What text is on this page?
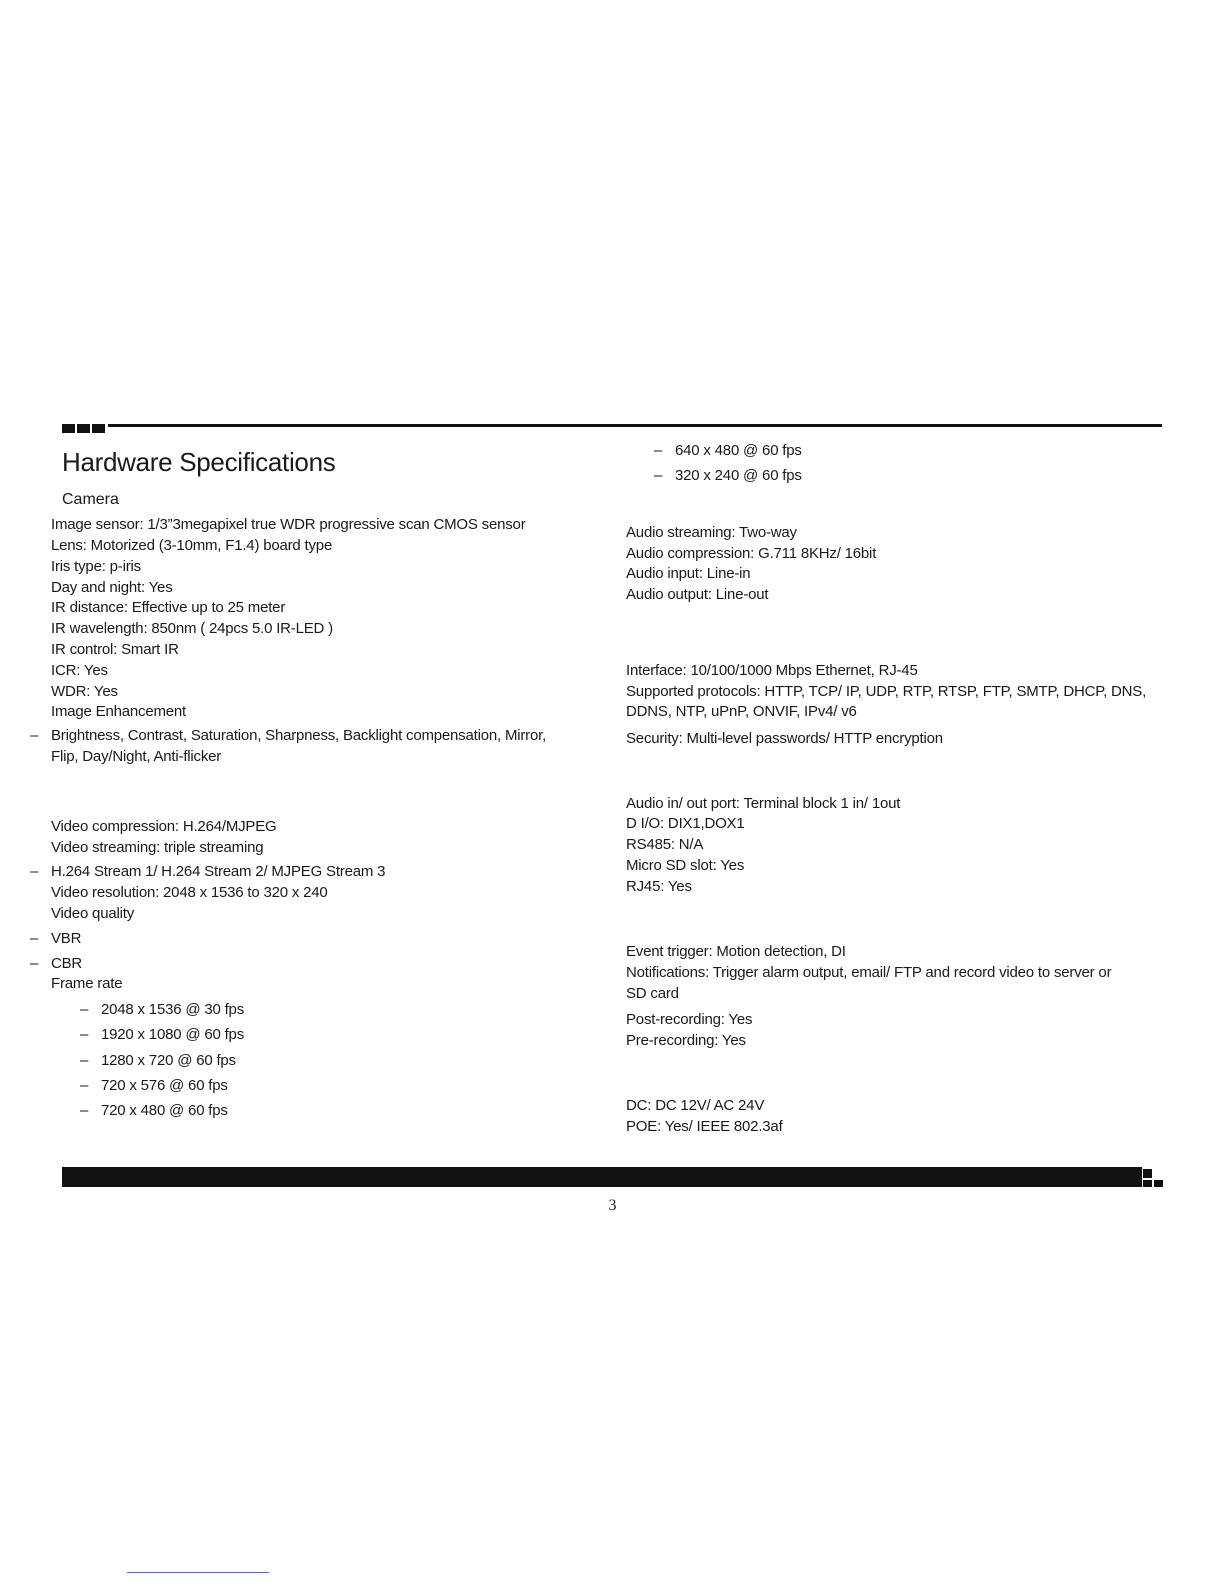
Hardware Specifications
Camera
Image sensor: 1/3”3megapixel true WDR progressive scan CMOS sensor
Lens: Motorized (3-10mm, F1.4) board type
Iris type: p-iris
Day and night: Yes
IR distance: Effective up to 25 meter
IR wavelength: 850nm ( 24pcs 5.0 IR-LED )
IR control: Smart IR
ICR: Yes
WDR: Yes
Image Enhancement
– Brightness, Contrast, Saturation, Sharpness, Backlight compensation, Mirror,
Flip, Day/Night, Anti-flicker
Video compression: H.264/MJPEG
Video streaming: triple streaming
– H.264 Stream 1/ H.264 Stream 2/ MJPEG Stream 3
Video resolution: 2048 x 1536 to 320 x 240
Video quality
– VBR
– CBR
Frame rate
– 2048 x 1536 @ 30 fps
– 1920 x 1080 @ 60 fps
– 1280 x 720 @ 60 fps
– 720 x 576 @ 60 fps
– 720 x 480 @ 60 fps
– 640 x 480 @ 60 fps
– 320 x 240 @ 60 fps
Audio streaming: Two-way
Audio compression: G.711 8KHz/ 16bit
Audio input: Line-in
Audio output: Line-out
Interface: 10/100/1000 Mbps Ethernet, RJ-45
Supported protocols: HTTP, TCP/ IP, UDP, RTP, RTSP, FTP, SMTP, DHCP, DNS,
DDNS, NTP, uPnP, ONVIF, IPv4/ v6
Security: Multi-level passwords/ HTTP encryption
Audio in/ out port: Terminal block 1 in/ 1out
D I/O: DIX1,DOX1
RS485: N/A
Micro SD slot: Yes
RJ45: Yes
Event trigger: Motion detection, DI
Notifications: Trigger alarm output, email/ FTP and record video to server or
SD card
Post-recording: Yes
Pre-recording: Yes
DC: DC 12V/ AC 24V
POE: Yes/ IEEE 802.3af
3
